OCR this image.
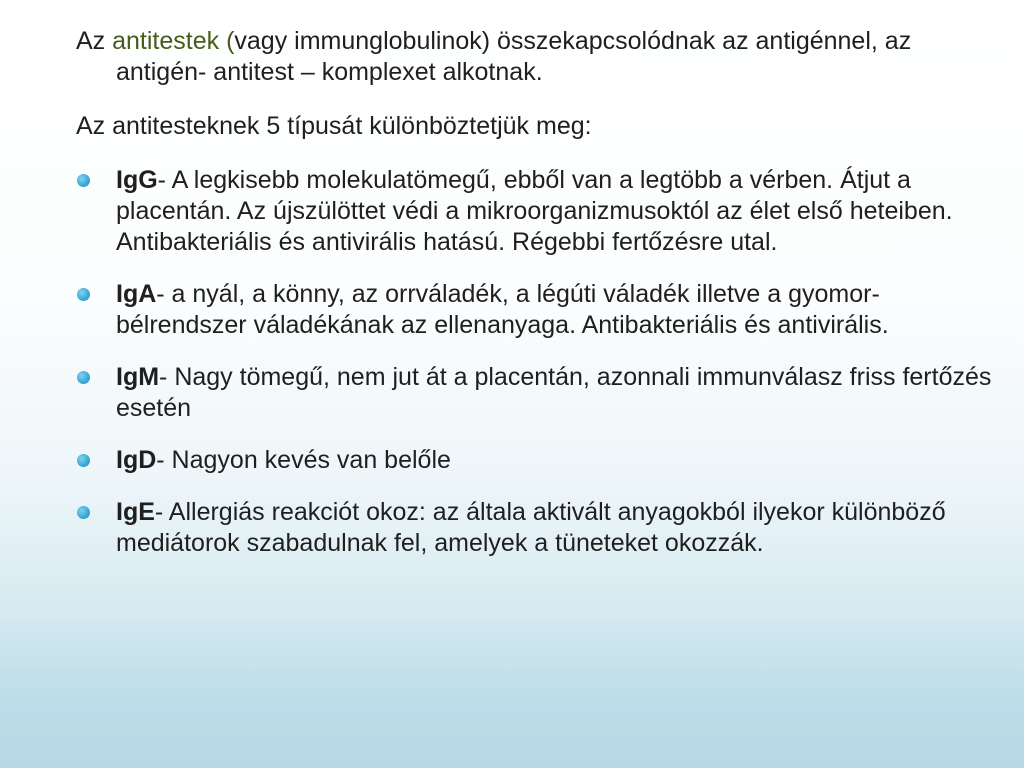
Az antitestek (vagy immunglobulinok) összekapcsolódnak az antigénnel, az antigén- antitest – komplexet alkotnak.

Az antitesteknek 5 típusát különböztetjük meg:

IgG- A legkisebb molekulatömegű, ebből van a legtöbb a vérben. Átjut a placentán. Az újszülöttet védi a mikroorganizmusoktól az élet első heteiben. Antibakteriális és antivirális hatású. Régebbi fertőzésre utal.
IgA- a nyál, a könny, az orrváladék, a légúti váladék illetve a gyomor- bélrendszer váladékának az ellenanyaga. Antibakteriális és antivirális.
IgM- Nagy tömegű, nem jut át a placentán, azonnali immunválasz friss fertőzés esetén
IgD- Nagyon kevés van belőle
IgE- Allergiás reakciót okoz: az általa aktivált anyagokból ilyekor különböző mediátorok szabadulnak fel, amelyek a tüneteket okozzák.
